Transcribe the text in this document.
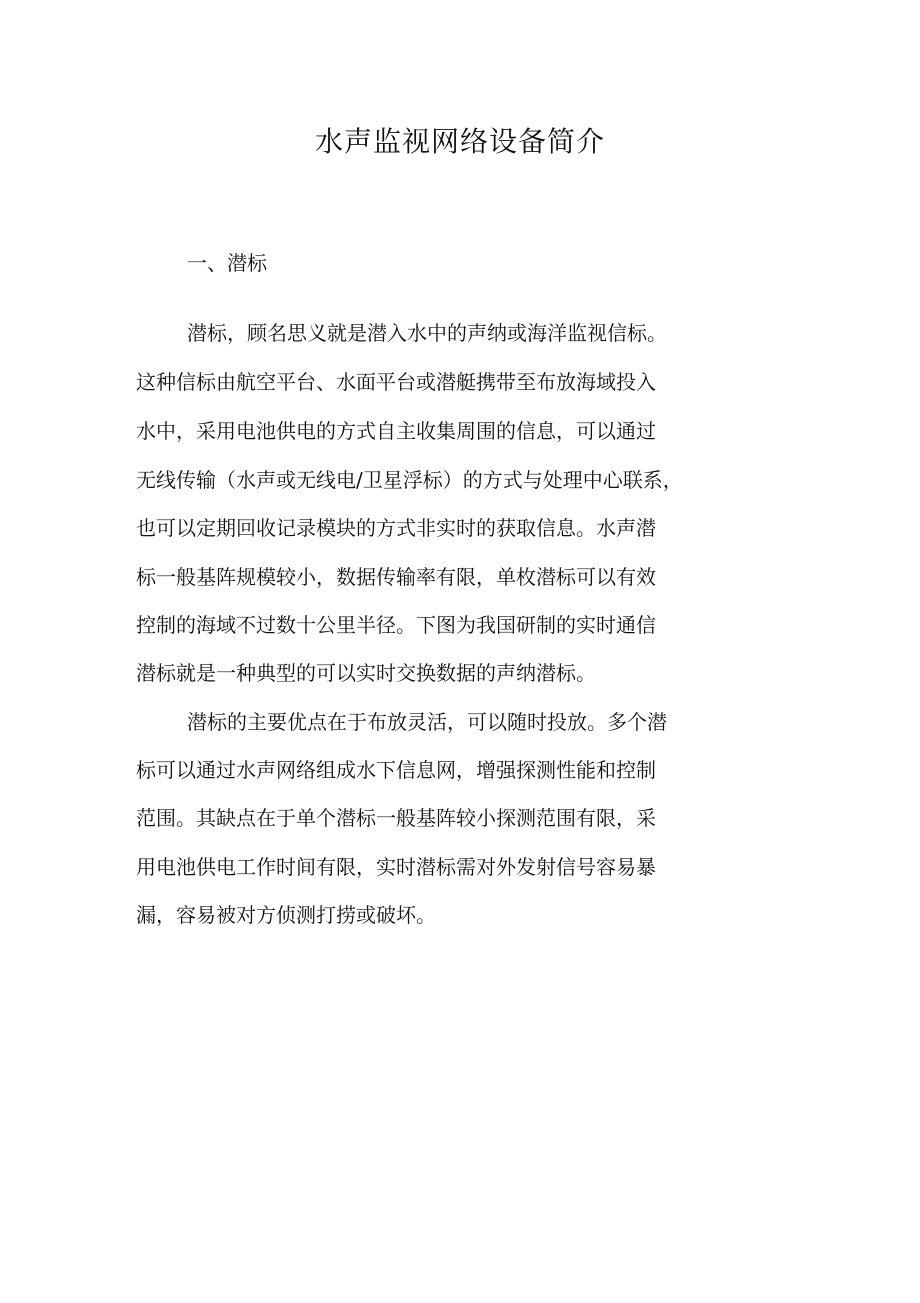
水声监视网络设备简介
一、潜标

潜标，顾名思义就是潜入水中的声纳或海洋监视信标。

这种信标由航空平台、水面平台或潜艇携带至布放海域投入

水中，采用电池供电的方式自主收集周围的信息，可以通过

无线传输（水声或无线电/卫星浮标）的方式与处理中心联系，

也可以定期回收记录模块的方式非实时的获取信息。水声潜

标一般基阵规模较小，数据传输率有限，单枚潜标可以有效

控制的海域不过数十公里半径。下图为我国研制的实时通信

潜标就是一种典型的可以实时交换数据的声纳潜标。

潜标的主要优点在于布放灵活，可以随时投放。多个潜

标可以通过水声网络组成水下信息网，增强探测性能和控制

范围。其缺点在于单个潜标一般基阵较小探测范围有限，采

用电池供电工作时间有限，实时潜标需对外发射信号容易暴

漏，容易被对方侦测打捞或破坏。
